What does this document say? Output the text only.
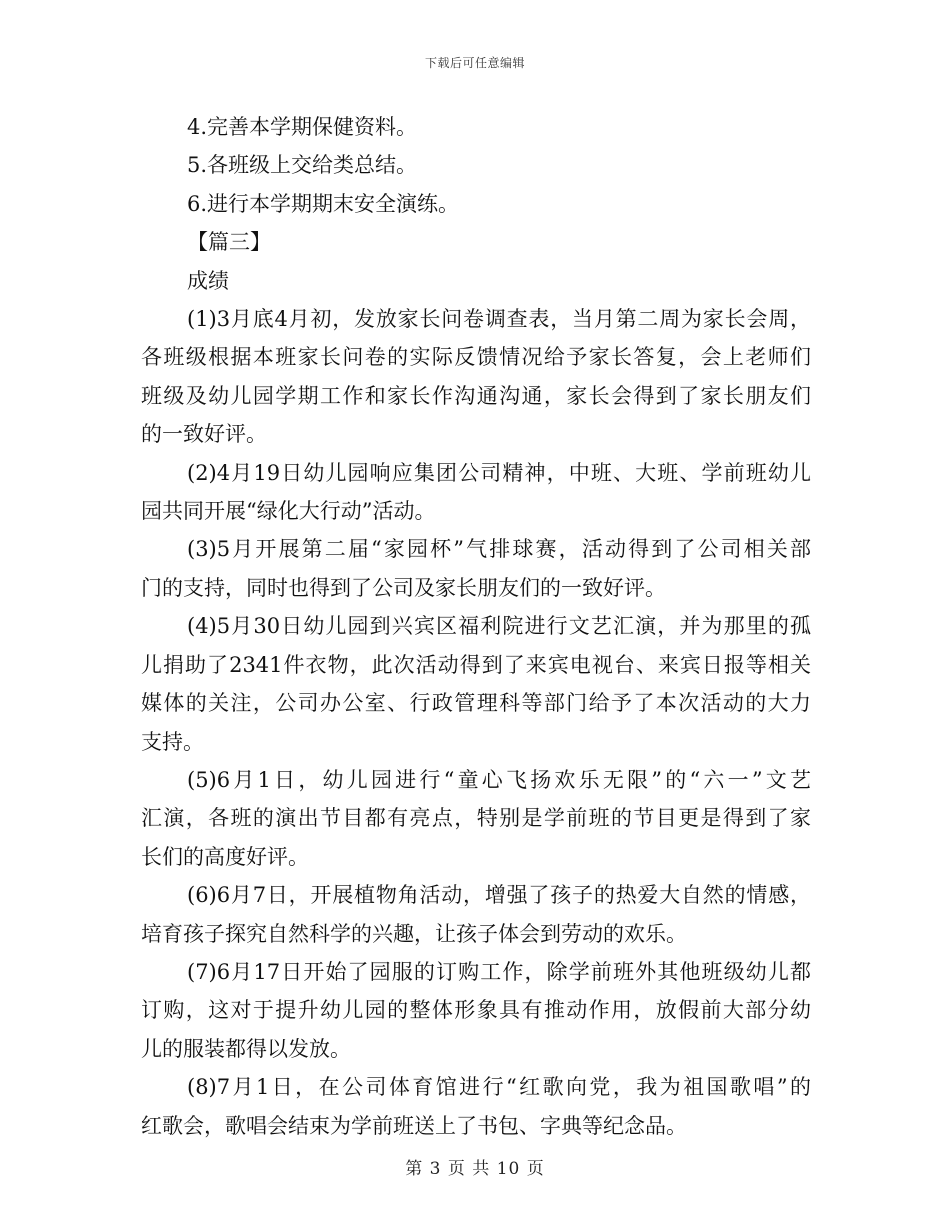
下载后可任意编辑
4.完善本学期保健资料。
5.各班级上交给类总结。
6.进行本学期期末安全演练。
【篇三】
成绩
(1)3月底4月初，发放家长问卷调查表，当月第二周为家长会周，
各班级根据本班家长问卷的实际反馈情况给予家长答复，会上老师们
班级及幼儿园学期工作和家长作沟通沟通，家长会得到了家长朋友们
的一致好评。
(2)4月19日幼儿园响应集团公司精神，中班、大班、学前班幼儿
园共同开展“绿化大行动”活动。
(3)5月开展第二届“家园杯”气排球赛，活动得到了公司相关部
门的支持，同时也得到了公司及家长朋友们的一致好评。
(4)5月30日幼儿园到兴宾区福利院进行文艺汇演，并为那里的孤
儿捐助了2341件衣物，此次活动得到了来宾电视台、来宾日报等相关
媒体的关注，公司办公室、行政管理科等部门给予了本次活动的大力
支持。
(5)6月1日，幼儿园进行“童心飞扬欢乐无限”的“六一”文艺
汇演，各班的演出节目都有亮点，特别是学前班的节目更是得到了家
长们的高度好评。
(6)6月7日，开展植物角活动，增强了孩子的热爱大自然的情感，
培育孩子探究自然科学的兴趣，让孩子体会到劳动的欢乐。
(7)6月17日开始了园服的订购工作，除学前班外其他班级幼儿都
订购，这对于提升幼儿园的整体形象具有推动作用，放假前大部分幼
儿的服装都得以发放。
(8)7月1日，在公司体育馆进行“红歌向党，我为祖国歌唱”的
红歌会，歌唱会结束为学前班送上了书包、字典等纪念品。
第 3 页 共 10 页
